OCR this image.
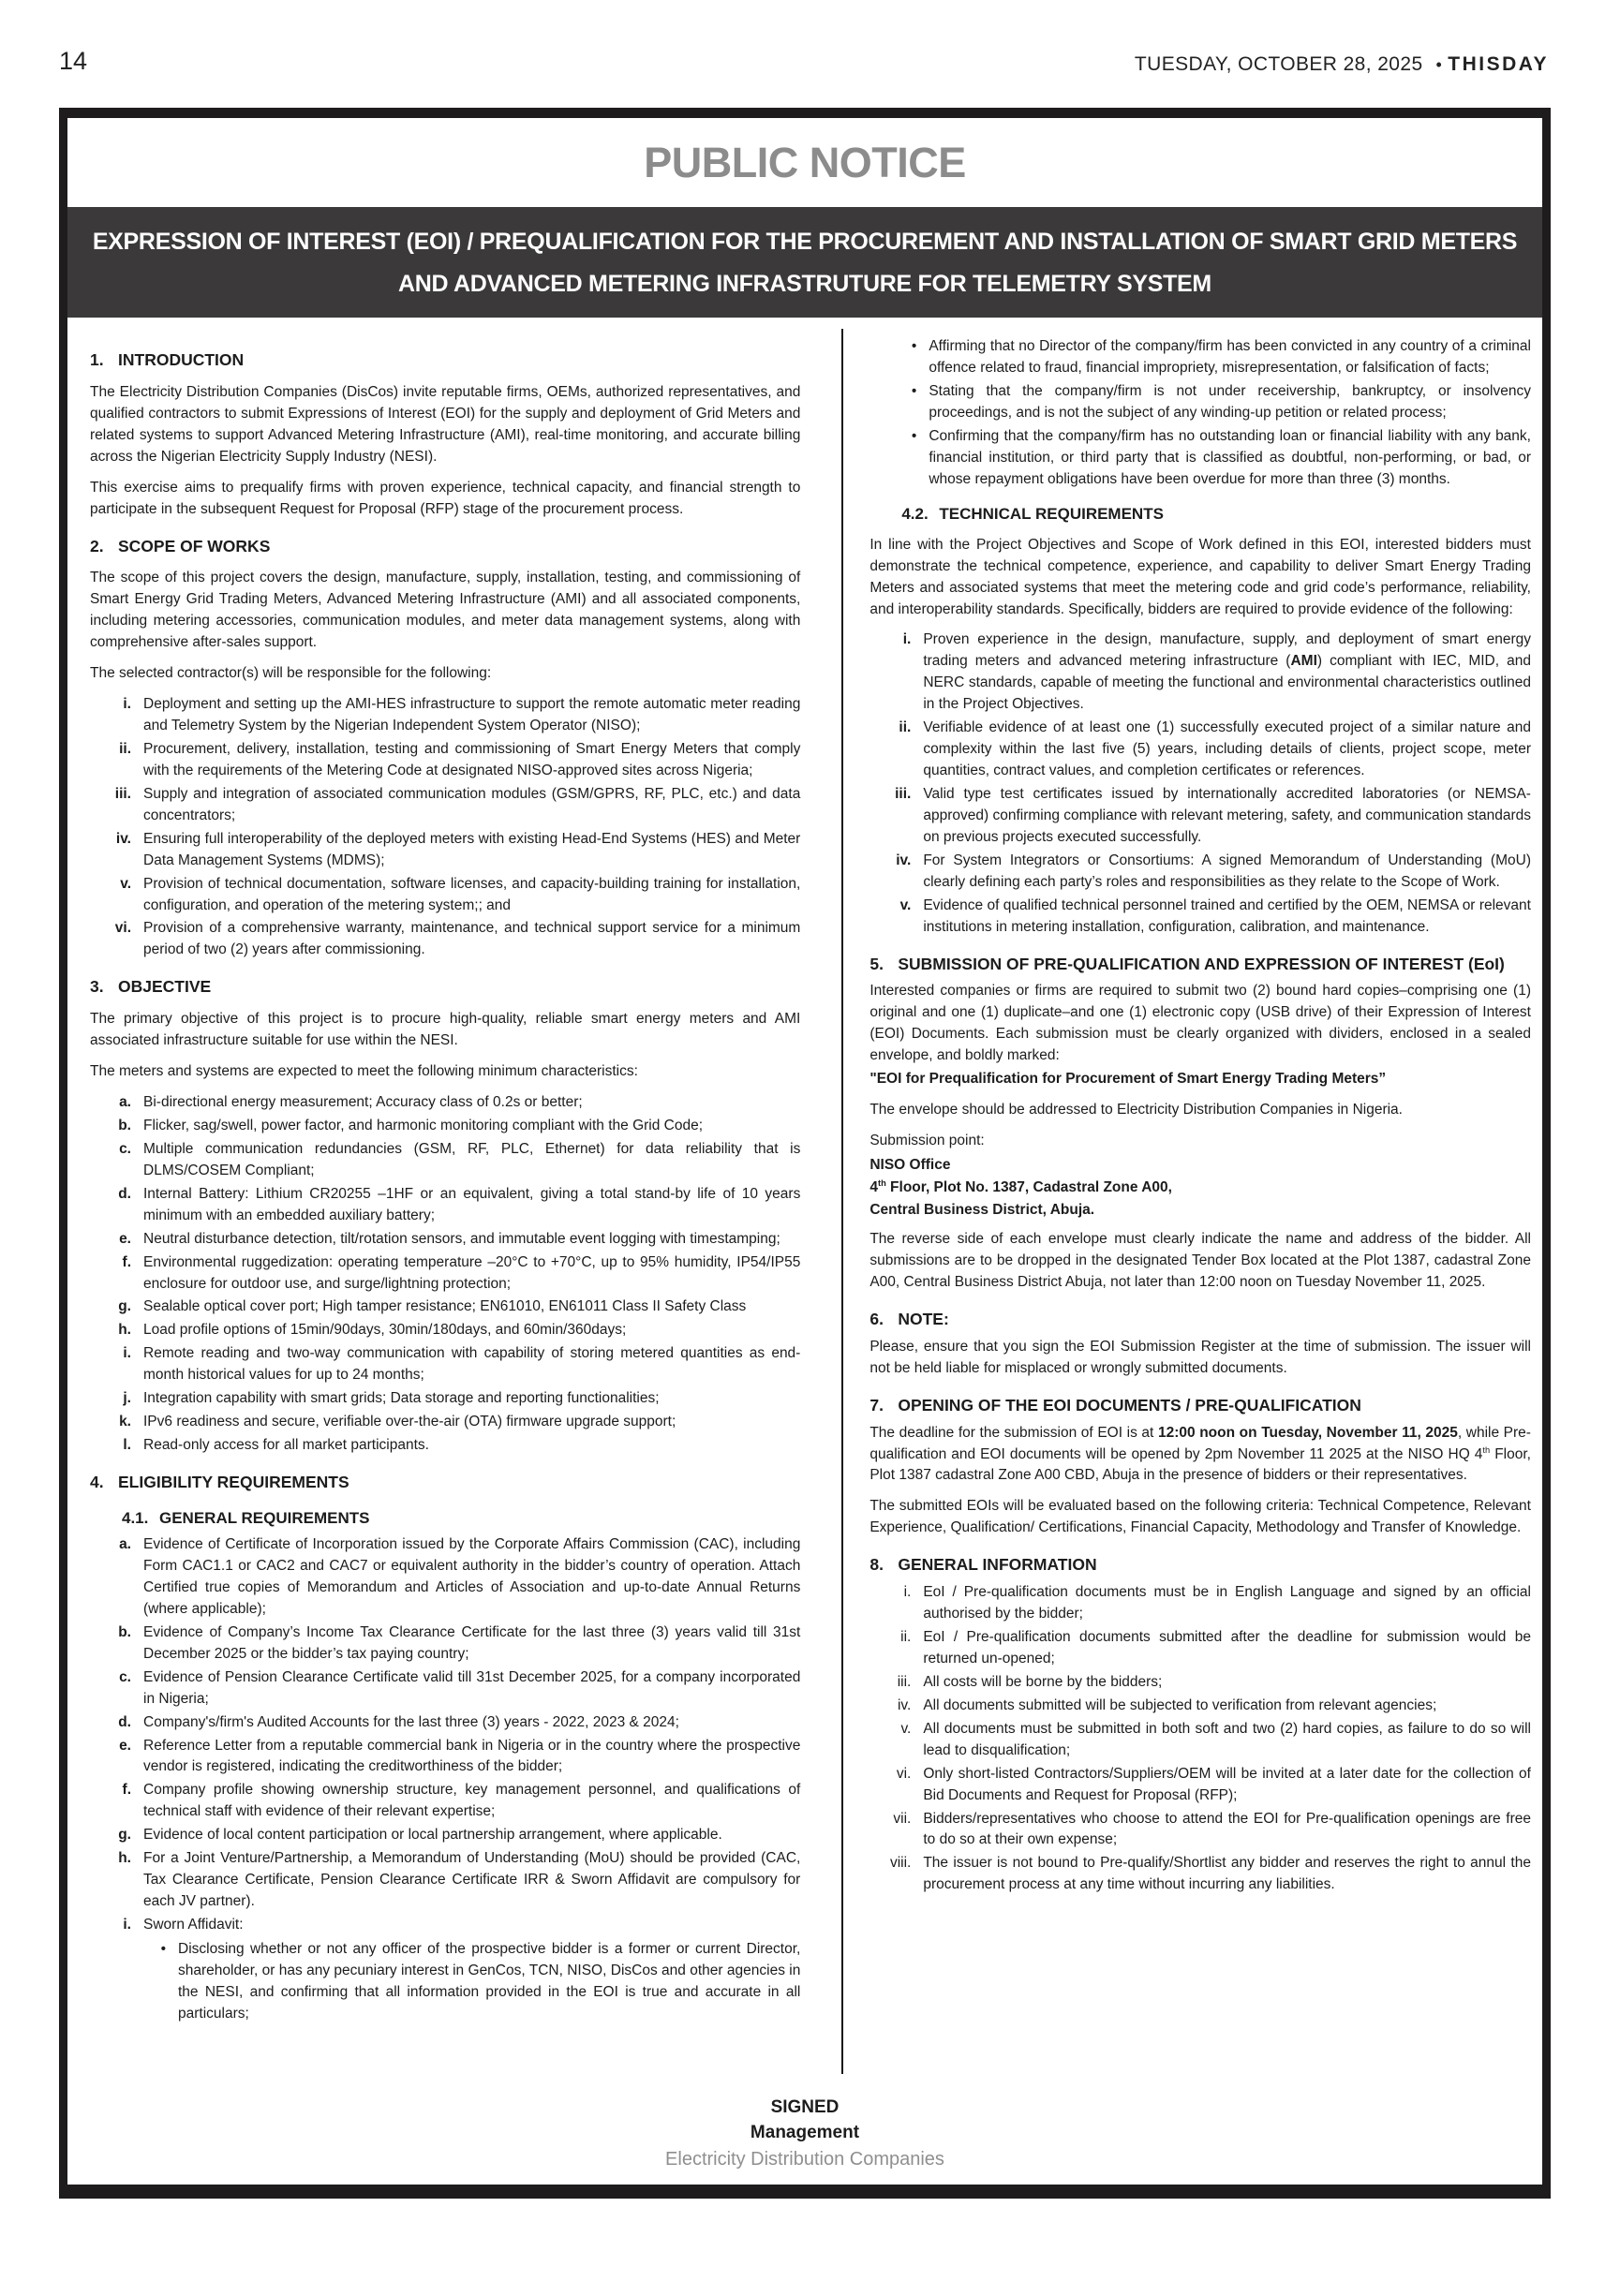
14	TUESDAY, OCTOBER 28, 2025 • THISDAY
PUBLIC NOTICE
EXPRESSION OF INTEREST (EOI) / PREQUALIFICATION FOR THE PROCUREMENT AND INSTALLATION OF SMART GRID METERS
AND ADVANCED METERING INFRASTRUTURE FOR TELEMETRY SYSTEM
1. INTRODUCTION

The Electricity Distribution Companies (DisCos) invite reputable firms, OEMs, authorized representatives, and qualified contractors to submit Expressions of Interest (EOI) for the supply and deployment of Grid Meters and related systems to support Advanced Metering Infrastructure (AMI), real-time monitoring, and accurate billing across the Nigerian Electricity Supply Industry (NESI).

This exercise aims to prequalify firms with proven experience, technical capacity, and financial strength to participate in the subsequent Request for Proposal (RFP) stage of the procurement process.

2. SCOPE OF WORKS

The scope of this project covers the design, manufacture, supply, installation, testing, and commissioning of Smart Energy Grid Trading Meters, Advanced Metering Infrastructure (AMI) and all associated components, including metering accessories, communication modules, and meter data management systems, along with comprehensive after-sales support.

The selected contractor(s) will be responsible for the following:

i. Deployment and setting up the AMI-HES infrastructure to support the remote automatic meter reading and Telemetry System by the Nigerian Independent System Operator (NISO);
ii. Procurement, delivery, installation, testing and commissioning of Smart Energy Meters that comply with the requirements of the Metering Code at designated NISO-approved sites across Nigeria;
iii. Supply and integration of associated communication modules (GSM/GPRS, RF, PLC, etc.) and data concentrators;
iv. Ensuring full interoperability of the deployed meters with existing Head-End Systems (HES) and Meter Data Management Systems (MDMS);
v. Provision of technical documentation, software licenses, and capacity-building training for installation, configuration, and operation of the metering system;; and
vi. Provision of a comprehensive warranty, maintenance, and technical support service for a minimum period of two (2) years after commissioning.
3. OBJECTIVE

The primary objective of this project is to procure high-quality, reliable smart energy meters and AMI associated infrastructure suitable for use within the NESI.

The meters and systems are expected to meet the following minimum characteristics:

a. Bi-directional energy measurement; Accuracy class of 0.2s or better;
b. Flicker, sag/swell, power factor, and harmonic monitoring compliant with the Grid Code;
c. Multiple communication redundancies (GSM, RF, PLC, Ethernet) for data reliability that is DLMS/COSEM Compliant;
d. Internal Battery: Lithium CR20255 –1HF or an equivalent, giving a total stand-by life of 10 years minimum with an embedded auxiliary battery;
e. Neutral disturbance detection, tilt/rotation sensors, and immutable event logging with timestamping;
f. Environmental ruggedization: operating temperature –20°C to +70°C, up to 95% humidity, IP54/IP55 enclosure for outdoor use, and surge/lightning protection;
g. Sealable optical cover port; High tamper resistance; EN61010, EN61011 Class II Safety Class
h. Load profile options of 15min/90days, 30min/180days, and 60min/360days;
i. Remote reading and two-way communication with capability of storing metered quantities as end-month historical values for up to 24 months;
j. Integration capability with smart grids; Data storage and reporting functionalities;
k. IPv6 readiness and secure, verifiable over-the-air (OTA) firmware upgrade support;
l. Read-only access for all market participants.
4. ELIGIBILITY REQUIREMENTS
4.1. GENERAL REQUIREMENTS
a. Evidence of Certificate of Incorporation issued by the Corporate Affairs Commission (CAC), including Form CAC1.1 or CAC2 and CAC7 or equivalent authority in the bidder’s country of operation. Attach Certified true copies of Memorandum and Articles of Association and up-to-date Annual Returns (where applicable);
b. Evidence of Company’s Income Tax Clearance Certificate for the last three (3) years valid till 31st December 2025 or the bidder’s tax paying country;
c. Evidence of Pension Clearance Certificate valid till 31st December 2025, for a company incorporated in Nigeria;
d. Company's/firm's Audited Accounts for the last three (3) years - 2022, 2023 & 2024;
e. Reference Letter from a reputable commercial bank in Nigeria or in the country where the prospective vendor is registered, indicating the creditworthiness of the bidder;
f. Company profile showing ownership structure, key management personnel, and qualifications of technical staff with evidence of their relevant expertise;
g. Evidence of local content participation or local partnership arrangement, where applicable.
h. For a Joint Venture/Partnership, a Memorandum of Understanding (MoU) should be provided (CAC, Tax Clearance Certificate, Pension Clearance Certificate IRR & Sworn Affidavit are compulsory for each JV partner).
i. Sworn Affidavit:
• Disclosing whether or not any officer of the prospective bidder is a former or current Director, shareholder, or has any pecuniary interest in GenCos, TCN, NISO, DisCos and other agencies in the NESI, and confirming that all information provided in the EOI is true and accurate in all particulars;
• Affirming that no Director of the company/firm has been convicted in any country of a criminal offence related to fraud, financial impropriety, misrepresentation, or falsification of facts;
• Stating that the company/firm is not under receivership, bankruptcy, or insolvency proceedings, and is not the subject of any winding-up petition or related process;
• Confirming that the company/firm has no outstanding loan or financial liability with any bank, financial institution, or third party that is classified as doubtful, non-performing, or bad, or whose repayment obligations have been overdue for more than three (3) months.
4.2. TECHNICAL REQUIREMENTS

In line with the Project Objectives and Scope of Work defined in this EOI, interested bidders must demonstrate the technical competence, experience, and capability to deliver Smart Energy Trading Meters and associated systems that meet the metering code and grid code’s performance, reliability, and interoperability standards. Specifically, bidders are required to provide evidence of the following:

i. Proven experience in the design, manufacture, supply, and deployment of smart energy trading meters and advanced metering infrastructure (AMI) compliant with IEC, MID, and NERC standards, capable of meeting the functional and environmental characteristics outlined in the Project Objectives.
ii. Verifiable evidence of at least one (1) successfully executed project of a similar nature and complexity within the last five (5) years, including details of clients, project scope, meter quantities, contract values, and completion certificates or references.
iii. Valid type test certificates issued by internationally accredited laboratories (or NEMSA-approved) confirming compliance with relevant metering, safety, and communication standards on previous projects executed successfully.
iv. For System Integrators or Consortiums: A signed Memorandum of Understanding (MoU) clearly defining each party’s roles and responsibilities as they relate to the Scope of Work.
v. Evidence of qualified technical personnel trained and certified by the OEM, NEMSA or relevant institutions in metering installation, configuration, calibration, and maintenance.
5. SUBMISSION OF PRE-QUALIFICATION AND EXPRESSION OF INTEREST (EoI)

Interested companies or firms are required to submit two (2) bound hard copies–comprising one (1) original and one (1) duplicate–and one (1) electronic copy (USB drive) of their Expression of Interest (EOI) Documents. Each submission must be clearly organized with dividers, enclosed in a sealed envelope, and boldly marked:

"EOI for Prequalification for Procurement of Smart Energy Trading Meters”

The envelope should be addressed to Electricity Distribution Companies in Nigeria.

Submission point:

NISO Office
4th Floor, Plot No. 1387, Cadastral Zone A00,
Central Business District, Abuja.

The reverse side of each envelope must clearly indicate the name and address of the bidder. All submissions are to be dropped in the designated Tender Box located at the Plot 1387, cadastral Zone A00, Central Business District Abuja, not later than 12:00 noon on Tuesday November 11, 2025.

6. NOTE:

Please, ensure that you sign the EOI Submission Register at the time of submission. The issuer will not be held liable for misplaced or wrongly submitted documents.

7. OPENING OF THE EOI DOCUMENTS / PRE-QUALIFICATION

The deadline for the submission of EOI is at 12:00 noon on Tuesday, November 11, 2025, while Pre-qualification and EOI documents will be opened by 2pm November 11 2025 at the NISO HQ 4th Floor, Plot 1387 cadastral Zone A00 CBD, Abuja in the presence of bidders or their representatives.

The submitted EOIs will be evaluated based on the following criteria: Technical Competence, Relevant Experience, Qualification/ Certifications, Financial Capacity, Methodology and Transfer of Knowledge.

8. GENERAL INFORMATION
i. EoI / Pre-qualification documents must be in English Language and signed by an official authorised by the bidder;
ii. EoI / Pre-qualification documents submitted after the deadline for submission would be returned un-opened;
iii. All costs will be borne by the bidders;
iv. All documents submitted will be subjected to verification from relevant agencies;
v. All documents must be submitted in both soft and two (2) hard copies, as failure to do so will lead to disqualification;
vi. Only short-listed Contractors/Suppliers/OEM will be invited at a later date for the collection of Bid Documents and Request for Proposal (RFP);
vii. Bidders/representatives who choose to attend the EOI for Pre-qualification openings are free to do so at their own expense;
viii. The issuer is not bound to Pre-qualify/Shortlist any bidder and reserves the right to annul the procurement process at any time without incurring any liabilities.
SIGNED
Management
Electricity Distribution Companies
